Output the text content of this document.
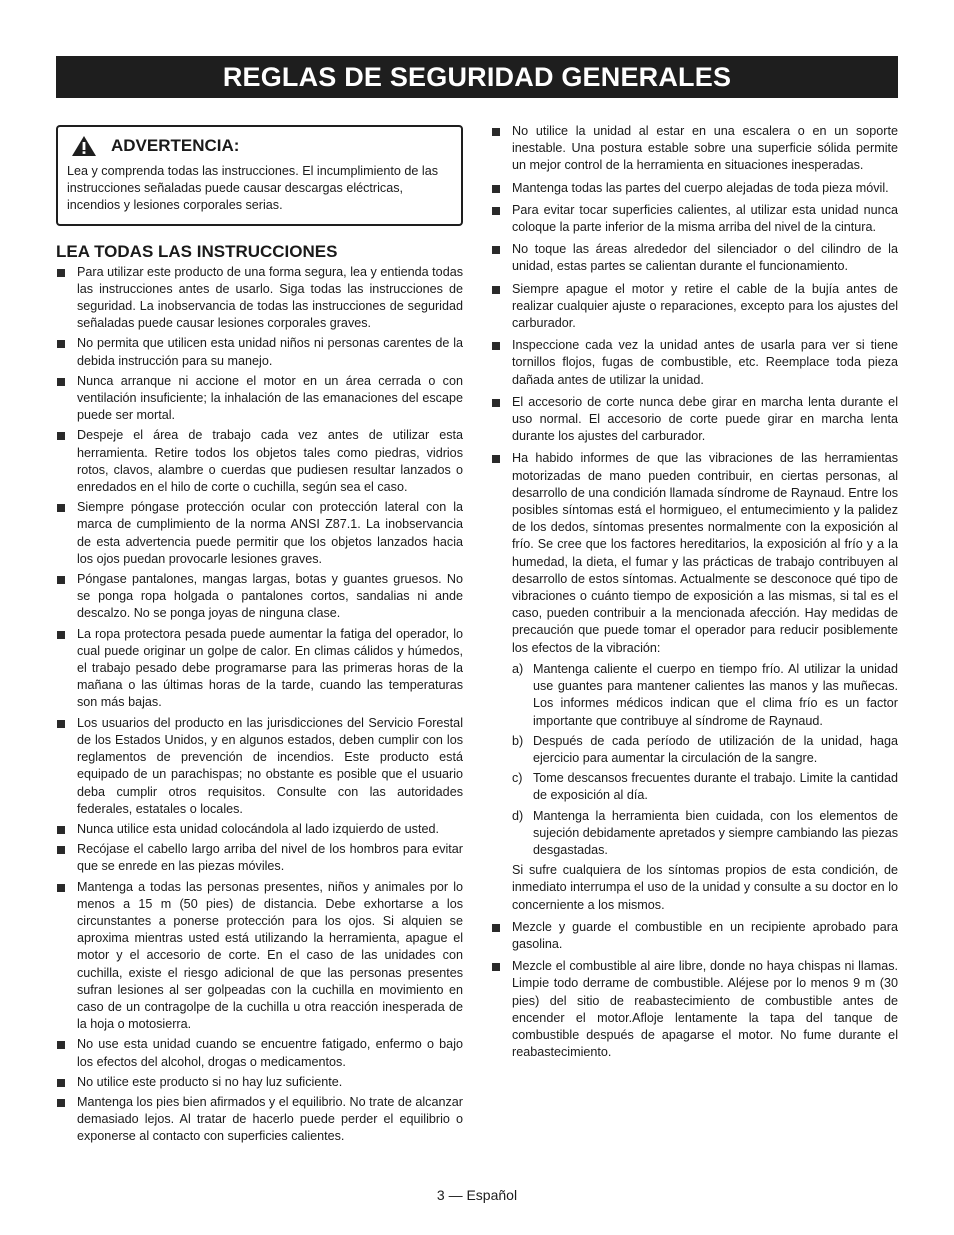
REGLAS DE SEGURIDAD GENERALES
ADVERTENCIA:
Lea y comprenda todas las instrucciones. El incumplimiento de las instrucciones señaladas puede causar descargas eléctricas, incendios y lesiones corporales serias.
LEA TODAS LAS INSTRUCCIONES
Para utilizar este producto de una forma segura, lea y entienda todas las instrucciones antes de usarlo. Siga todas las instrucciones de seguridad. La inobservancia de todas las instrucciones de seguridad señaladas puede causar lesiones corporales graves.
No permita que utilicen esta unidad niños ni personas carentes de la debida instrucción para su manejo.
Nunca arranque ni accione el motor en un área cerrada o con ventilación insuficiente; la inhalación de las emanaciones del escape puede ser mortal.
Despeje el área de trabajo cada vez antes de utilizar esta herramienta. Retire todos los objetos tales como piedras, vidrios rotos, clavos, alambre o cuerdas que pudiesen resultar lanzados o enredados en el hilo de corte o cuchilla, según sea el caso.
Siempre póngase protección ocular con protección lateral con la marca de cumplimiento de la norma ANSI Z87.1. La inobservancia de esta advertencia puede permitir que los objetos lanzados hacia los ojos puedan provocarle lesiones graves.
Póngase pantalones, mangas largas, botas y guantes gruesos. No se ponga ropa holgada o pantalones cortos, sandalias ni ande descalzo. No se ponga joyas de ninguna clase.
La ropa protectora pesada puede aumentar la fatiga del operador, lo cual puede originar un golpe de calor. En climas cálidos y húmedos, el trabajo pesado debe programarse para las primeras horas de la mañana o las últimas horas de la tarde, cuando las temperaturas son más bajas.
Los usuarios del producto en las jurisdicciones del Servicio Forestal de los Estados Unidos, y en algunos estados, deben cumplir con los reglamentos de prevención de incendios. Este producto está equipado de un parachispas; no obstante es posible que el usuario deba cumplir otros requisitos. Consulte con las autoridades federales, estatales o locales.
Nunca utilice esta unidad colocándola al lado izquierdo de usted.
Recójase el cabello largo arriba del nivel de los hombros para evitar que se enrede en las piezas móviles.
Mantenga a todas las personas presentes, niños y animales por lo menos a 15 m (50 pies) de distancia. Debe exhortarse a los circunstantes a ponerse protección para los ojos. Si alquien se aproxima mientras usted está utilizando la herramienta, apague el motor y el accesorio de corte. En el caso de las unidades con cuchilla, existe el riesgo adicional de que las personas presentes sufran lesiones al ser golpeadas con la cuchilla en movimiento en caso de un contragolpe de la cuchilla u otra reacción inesperada de la hoja o motosierra.
No use esta unidad cuando se encuentre fatigado, enfermo o bajo los efectos del alcohol, drogas o medicamentos.
No utilice este producto si no hay luz suficiente.
Mantenga los pies bien afirmados y el equilibrio. No trate de alcanzar demasiado lejos. Al tratar de hacerlo puede perder el equilibrio o exponerse al contacto con superficies calientes.
No utilice la unidad al estar en una escalera o en un soporte inestable. Una postura estable sobre una superficie sólida permite un mejor control de la herramienta en situaciones inesperadas.
Mantenga todas las partes del cuerpo alejadas de toda pieza móvil.
Para evitar tocar superficies calientes, al utilizar esta unidad nunca coloque la parte inferior de la misma arriba del nivel de la cintura.
No toque las áreas alrededor del silenciador o del cilindro de la unidad, estas partes se calientan durante el funcionamiento.
Siempre apague el motor y retire el cable de la bujía antes de realizar cualquier ajuste o reparaciones, excepto para los ajustes del carburador.
Inspeccione cada vez la unidad antes de usarla para ver si tiene tornillos flojos, fugas de combustible, etc. Reemplace toda pieza dañada antes de utilizar la unidad.
El accesorio de corte nunca debe girar en marcha lenta durante el uso normal. El accesorio de corte puede girar en marcha lenta durante los ajustes del carburador.
Ha habido informes de que las vibraciones de las herramientas motorizadas de mano pueden contribuir, en ciertas personas, al desarrollo de una condición llamada síndrome de Raynaud. Entre los posibles síntomas está el hormigueo, el entumecimiento y la palidez de los dedos, síntomas presentes normalmente con la exposición al frío. Se cree que los factores hereditarios, la exposición al frío y a la humedad, la dieta, el fumar y las prácticas de trabajo contribuyen al desarrollo de estos síntomas. Actualmente se desconoce qué tipo de vibraciones o cuánto tiempo de exposición a las mismas, si tal es el caso, pueden contribuir a la mencionada afección. Hay medidas de precaución que puede tomar el operador para reducir posiblemente los efectos de la vibración:
a) Mantenga caliente el cuerpo en tiempo frío. Al utilizar la unidad use guantes para mantener calientes las manos y las muñecas. Los informes médicos indican que el clima frío es un factor importante que contribuye al síndrome de Raynaud.
b) Después de cada período de utilización de la unidad, haga ejercicio para aumentar la circulación de la sangre.
c) Tome descansos frecuentes durante el trabajo. Limite la cantidad de exposición al día.
d) Mantenga la herramienta bien cuidada, con los elementos de sujeción debidamente apretados y siempre cambiando las piezas desgastadas.
Si sufre cualquiera de los síntomas propios de esta condición, de inmediato interrumpa el uso de la unidad y consulte a su doctor en lo concerniente a los mismos.
Mezcle y guarde el combustible en un recipiente aprobado para gasolina.
Mezcle el combustible al aire libre, donde no haya chispas ni llamas. Limpie todo derrame de combustible. Aléjese por lo menos 9 m (30 pies) del sitio de reabastecimiento de combustible antes de encender el motor.Afloje lentamente la tapa del tanque de combustible después de apagarse el motor. No fume durante el reabastecimiento.
3 — Español
